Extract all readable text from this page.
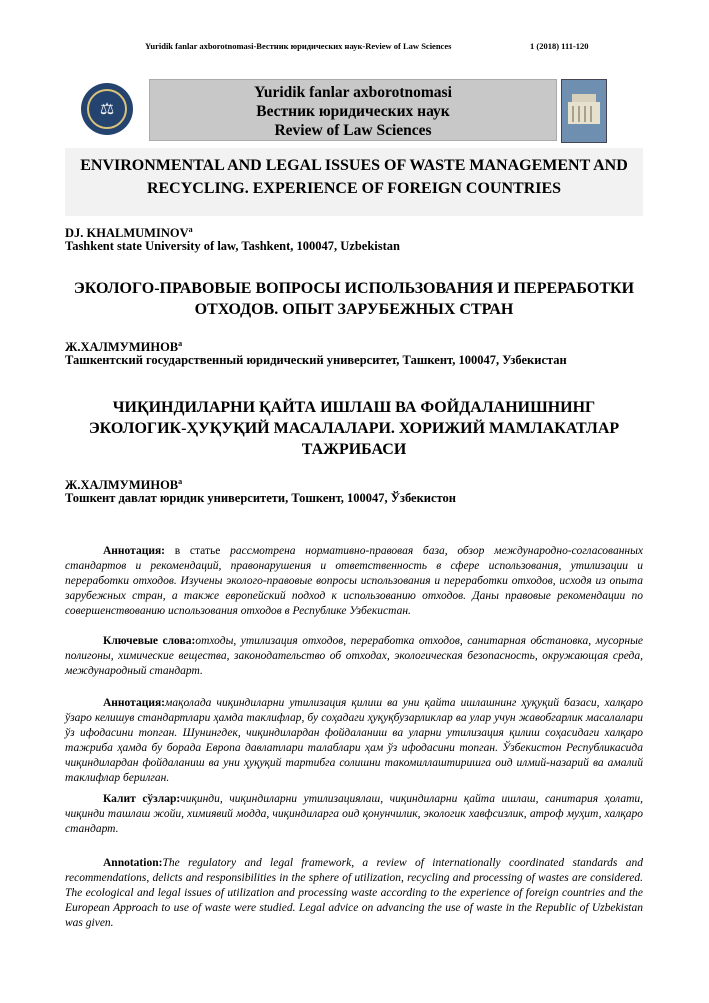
Yuridik fanlar axborotnomasi-Вестник юридических наук-Review of Law Sciences	1 (2018) 111-120
⚖
Yuridik fanlar axborotnomasi
Вестник юридических наук
Review of Law Sciences
ENVIRONMENTAL AND LEGAL ISSUES OF WASTE MANAGEMENT AND RECYCLING. EXPERIENCE OF FOREIGN COUNTRIES
DJ. KHALMUMINOV$^a$
Tashkent state University of law, Tashkent, 100047, Uzbekistan
ЭКОЛОГО-ПРАВОВЫЕ ВОПРОСЫ ИСПОЛЬЗОВАНИЯ И ПЕРЕРАБОТКИ ОТХОДОВ. ОПЫТ ЗАРУБЕЖНЫХ СТРАН
Ж.ХАЛМУМИНОВ$^a$
Ташкентский государственный юридический университет, Ташкент, 100047, Узбекистан
ЧИҚИНДИЛАРНИ ҚАЙТА ИШЛАШ ВА ФОЙДАЛАНИШНИНГ ЭКОЛОГИК-ҲУҚУҚИЙ МАСАЛАЛАРИ. ХОРИЖИЙ МАМЛАКАТЛАР ТАЖРИБАСИ
Ж.ХАЛМУМИНОВ$^a$
Тошкент давлат юридик университети, Тошкент, 100047, Ўзбекистон
Аннотация: в статье рассмотрена нормативно-правовая база, обзор международно-согласованных стандартов и рекомендаций, правонарушения и ответственность в сфере использования, утилизации и переработки отходов. Изучены эколого-правовые вопросы использования и переработки отходов, исходя из опыта зарубежных стран, а также европейский подход к использованию отходов. Даны правовые рекомендации по совершенствованию использования отходов в Республике Узбекистан.
Ключевые слова:отходы, утилизация отходов, переработка отходов, санитарная обстановка, мусорные полигоны, химические вещества, законодательство об отходах, экологическая безопасность, окружающая среда, международный стандарт.
Аннотация:мақолада чиқиндиларни утилизация қилиш ва уни қайта ишлашнинг ҳуқуқий базаси, халқаро ўзаро келишув стандартлари ҳамда таклифлар, бу соҳадаги ҳуқуқбузарликлар ва улар учун жавобгарлик масалалари ўз ифодасини топган. Шунингдек, чиқиндилардан фойдаланиш ва уларни утилизация қилиш соҳасидаги халқаро тажриба ҳамда бу борада Европа давлатлари талаблари ҳам ўз ифодасини топган. Ўзбекистон Республикасида чиқиндилардан фойдаланиш ва уни ҳуқуқий тартибга солишни такомиллаштиришга оид илмий-назарий ва амалий таклифлар берилган.
Калит сўзлар:чиқинди, чиқиндиларни утилизациялаш, чиқиндиларни қайта ишлаш, санитария ҳолати, чиқинди ташлаш жойи, химиявий модда, чиқиндиларга оид қонунчилик, экологик хавфсизлик, атроф муҳит, халқаро стандарт.
Annotation:The regulatory and legal framework, a review of internationally coordinated standards and recommendations, delicts and responsibilities in the sphere of utilization, recycling and processing of wastes are considered. The ecological and legal issues of utilization and processing waste according to the experience of foreign countries and the European Approach to use of waste were studied. Legal advice on advancing the use of waste in the Republic of Uzbekistan was given.
